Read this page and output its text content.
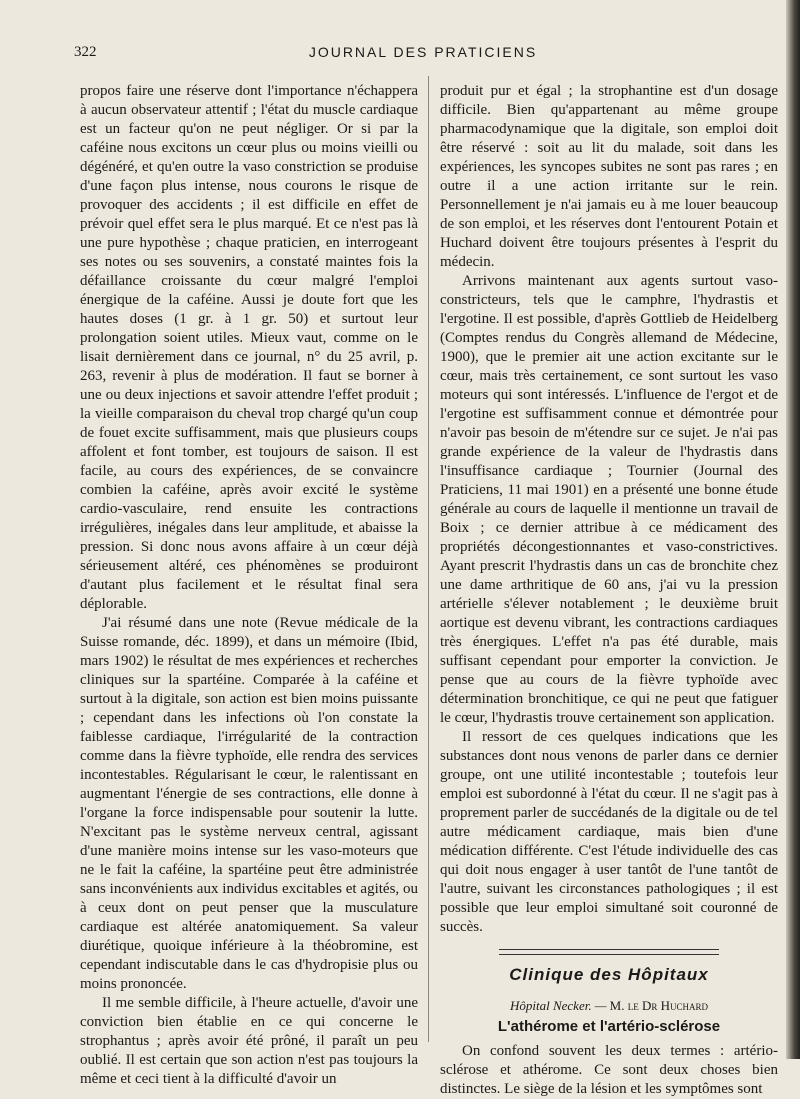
322	JOURNAL DES PRATICIENS

propos faire une réserve dont l'importance n'échappera à aucun observateur attentif ; l'état du muscle cardiaque est un facteur qu'on ne peut négliger. Or si par la caféine nous excitons un cœur plus ou moins vieilli ou dégénéré, et qu'en outre la vaso constriction se produise d'une façon plus intense, nous courons le risque de provoquer des accidents ; il est difficile en effet de prévoir quel effet sera le plus marqué. Et ce n'est pas là une pure hypothèse ; chaque praticien, en interrogeant ses notes ou ses souvenirs, a constaté maintes fois la défaillance croissante du cœur malgré l'emploi énergique de la caféine. Aussi je doute fort que les hautes doses (1 gr. à 1 gr. 50) et surtout leur prolongation soient utiles. Mieux vaut, comme on le lisait dernièrement dans ce journal, n° du 25 avril, p. 263, revenir à plus de modération. Il faut se borner à une ou deux injections et savoir attendre l'effet produit ; la vieille comparaison du cheval trop chargé qu'un coup de fouet excite suffisamment, mais que plusieurs coups affolent et font tomber, est toujours de saison. Il est facile, au cours des expériences, de se convaincre combien la caféine, après avoir excité le système cardio-vasculaire, rend ensuite les contractions irrégulières, inégales dans leur amplitude, et abaisse la pression. Si donc nous avons affaire à un cœur déjà sérieusement altéré, ces phénomènes se produiront d'autant plus facilement et le résultat final sera déplorable.

J'ai résumé dans une note (Revue médicale de la Suisse romande, déc. 1899), et dans un mémoire (Ibid, mars 1902) le résultat de mes expériences et recherches cliniques sur la spartéine. Comparée à la caféine et surtout à la digitale, son action est bien moins puissante ; cependant dans les infections où l'on constate la faiblesse cardiaque, l'irrégularité de la contraction comme dans la fièvre typhoïde, elle rendra des services incontestables. Régularisant le cœur, le ralentissant en augmentant l'énergie de ses contractions, elle donne à l'organe la force indispensable pour soutenir la lutte. N'excitant pas le système nerveux central, agissant d'une manière moins intense sur les vaso-moteurs que ne le fait la caféine, la spartéine peut être administrée sans inconvénients aux individus excitables et agités, ou à ceux dont on peut penser que la musculature cardiaque est altérée anatomiquement. Sa valeur diurétique, quoique inférieure à la théobromine, est cependant indiscutable dans le cas d'hydropisie plus ou moins prononcée.

Il me semble difficile, à l'heure actuelle, d'avoir une conviction bien établie en ce qui concerne le strophantus ; après avoir été prôné, il paraît un peu oublié. Il est certain que son action n'est pas toujours la même et ceci tient à la difficulté d'avoir un

produit pur et égal ; la strophantine est d'un dosage difficile. Bien qu'appartenant au même groupe pharmacodynamique que la digitale, son emploi doit être réservé : soit au lit du malade, soit dans les expériences, les syncopes subites ne sont pas rares ; en outre il a une action irritante sur le rein. Personnellement je n'ai jamais eu à me louer beaucoup de son emploi, et les réserves dont l'entourent Potain et Huchard doivent être toujours présentes à l'esprit du médecin.

Arrivons maintenant aux agents surtout vaso-constricteurs, tels que le camphre, l'hydrastis et l'ergotine. Il est possible, d'après Gottlieb de Heidelberg (Comptes rendus du Congrès allemand de Médecine, 1900), que le premier ait une action excitante sur le cœur, mais très certainement, ce sont surtout les vaso moteurs qui sont intéressés. L'influence de l'ergot et de l'ergotine est suffisamment connue et démontrée pour n'avoir pas besoin de m'étendre sur ce sujet. Je n'ai pas grande expérience de la valeur de l'hydrastis dans l'insuffisance cardiaque ; Tournier (Journal des Praticiens, 11 mai 1901) en a présenté une bonne étude générale au cours de laquelle il mentionne un travail de Boix ; ce dernier attribue à ce médicament des propriétés décongestionnantes et vaso-constrictives. Ayant prescrit l'hydrastis dans un cas de bronchite chez une dame arthritique de 60 ans, j'ai vu la pression artérielle s'élever notablement ; le deuxième bruit aortique est devenu vibrant, les contractions cardiaques très énergiques. L'effet n'a pas été durable, mais suffisant cependant pour emporter la conviction. Je pense que au cours de la fièvre typhoïde avec détermination bronchitique, ce qui ne peut que fatiguer le cœur, l'hydrastis trouve certainement son application.

Il ressort de ces quelques indications que les substances dont nous venons de parler dans ce dernier groupe, ont une utilité incontestable ; toutefois leur emploi est subordonné à l'état du cœur. Il ne s'agit pas à proprement parler de succédanés de la digitale ou de tel autre médicament cardiaque, mais bien d'une médication différente. C'est l'étude individuelle des cas qui doit nous engager à user tantôt de l'une tantôt de l'autre, suivant les circonstances pathologiques ; il est possible que leur emploi simultané soit couronné de succès.

Clinique des Hôpitaux
Hôpital Necker. — M. le Dr Huchard
L'athérome et l'artério-sclérose

On confond souvent les deux termes : artério-sclérose et athérome. Ce sont deux choses bien distinctes. Le siège de la lésion et les symptômes sont
